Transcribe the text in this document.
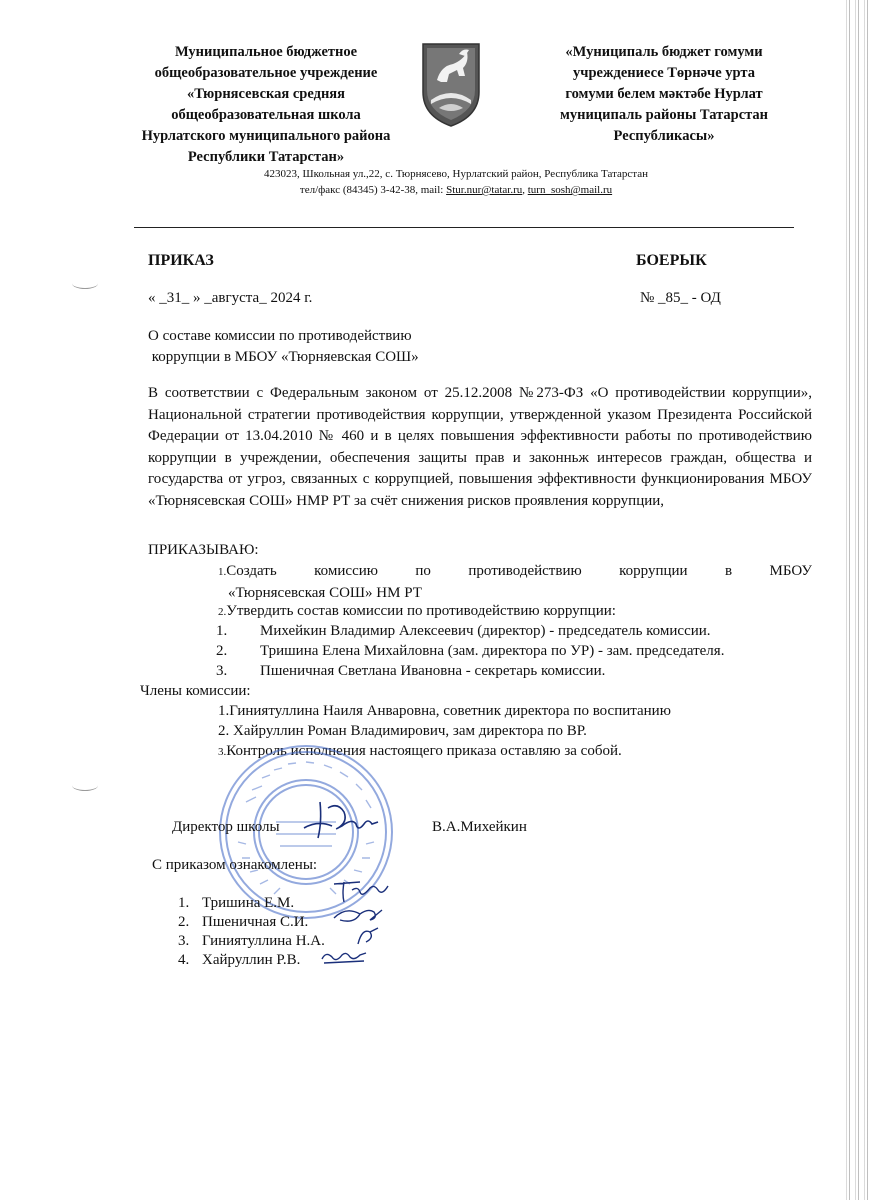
Муниципальное бюджетное
общеобразовательное учреждение
«Тюрнясевская средняя
общеобразовательная школа
Нурлатского муниципального района
Республики Татарстан»
«Муниципаль бюджет гомуми
учреждениесе Төрнәче урта
гомуми белем мәктәбе Нурлат
муниципаль районы Татарстан
Республикасы»
423023, Школьная ул.,22, с. Тюрнясево, Нурлатский район, Республика Татарстан
тел/факс (84345) 3-42-38, mail: Stur.nur@tatar.ru, turn_sosh@mail.ru
ПРИКАЗ	БОЕРЫК
« _31_ » _августа_ 2024 г.	№ _85_ - ОД
О составе комиссии по противодействию
коррупции в МБОУ «Тюрняевская СОШ»
В соответствии с Федеральным законом от 25.12.2008 №273-ФЗ «О противодействии коррупции», Национальной стратегии противодействия коррупции, утвержденной указом Президента Российской Федерации от 13.04.2010 № 460 и в целях повышения эффективности работы по противодействию коррупции в учреждении, обеспечения защиты прав и законньж интересов граждан, общества и государства от угроз, связанных с коррупцией, повышения эффективности функционирования МБОУ «Тюрнясевская СОШ» НМР РТ за счёт снижения рисков проявления коррупции,
ПРИКАЗЫВАЮ:
1.Создать комиссию по противодействию коррупции в МБОУ
«Тюрнясевская СОШ» НМ РТ
2.Утвердить состав комиссии по противодействию коррупции:
1. Михейкин Владимир Алексеевич (директор) - председатель комиссии.
2. Тришина Елена Михайловна (зам. директора по УР) - зам. председателя.
3. Пшеничная Светлана Ивановна - секретарь комиссии.
Члены комиссии:
1.Гиниятуллина Наиля Анваровна, советник директора по воспитанию
2. Хайруллин Роман Владимирович, зам директора по ВР.
3.Контроль исполнения настоящего приказа оставляю за собой.
Директор школы	В.А.Михейкин
С приказом ознакомлены:
1. Тришина Е.М.
2. Пшеничная С.И.
3. Гиниятуллина Н.А.
4. Хайруллин Р.В.
